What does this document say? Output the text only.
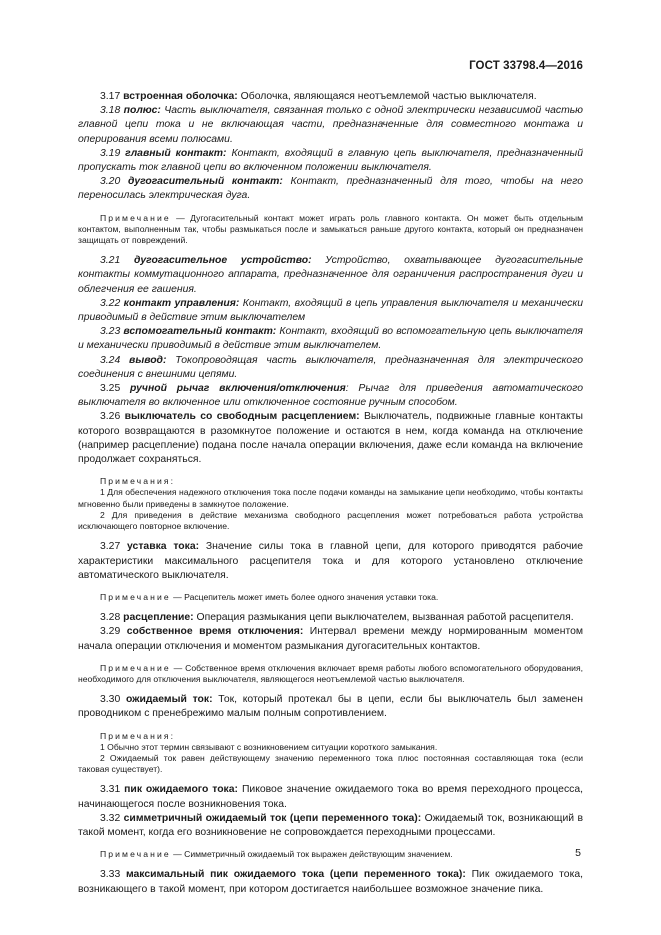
ГОСТ 33798.4—2016

3.17 встроенная оболочка: Оболочка, являющаяся неотъемлемой частью выключателя.

3.18 полюс: Часть выключателя, связанная только с одной электрически независимой частью главной цепи тока и не включающая части, предназначенные для совместного монтажа и оперирования всеми полюсами.

3.19 главный контакт: Контакт, входящий в главную цепь выключателя, предназначенный пропускать ток главной цепи во включенном положении выключателя.

3.20 дугогасительный контакт: Контакт, предназначенный для того, чтобы на него переносилась электрическая дуга.

Примечание — Дугогасительный контакт может играть роль главного контакта. Он может быть отдельным контактом, выполненным так, чтобы размыкаться после и замыкаться раньше другого контакта, который он предназначен защищать от повреждений.

3.21 дугогасительное устройство: Устройство, охватывающее дугогасительные контакты коммутационного аппарата, предназначенное для ограничения распространения дуги и облегчения ее гашения.

3.22 контакт управления: Контакт, входящий в цепь управления выключателя и механически приводимый в действие этим выключателем

3.23 вспомогательный контакт: Контакт, входящий во вспомогательную цепь выключателя и механически приводимый в действие этим выключателем.

3.24 вывод: Токопроводящая часть выключателя, предназначенная для электрического соединения с внешними цепями.

3.25 ручной рычаг включения/отключения: Рычаг для приведения автоматического выключателя во включенное или отключенное состояние ручным способом.

3.26 выключатель со свободным расцеплением: Выключатель, подвижные главные контакты которого возвращаются в разомкнутое положение и остаются в нем, когда команда на отключение (например расцепление) подана после начала операции включения, даже если команда на включение продолжает сохраняться.

Примечания:

1 Для обеспечения надежного отключения тока после подачи команды на замыкание цепи необходимо, чтобы контакты мгновенно были приведены в замкнутое положение.

2 Для приведения в действие механизма свободного расцепления может потребоваться работа устройства исключающего повторное включение.

3.27 уставка тока: Значение силы тока в главной цепи, для которого приводятся рабочие характеристики максимального расцепителя тока и для которого установлено отключение автоматического выключателя.

Примечание — Расцепитель может иметь более одного значения уставки тока.

3.28 расцепление: Операция размыкания цепи выключателем, вызванная работой расцепителя.

3.29 собственное время отключения: Интервал времени между нормированным моментом начала операции отключения и моментом размыкания дугогасительных контактов.

Примечание — Собственное время отключения включает время работы любого вспомогательного оборудования, необходимого для отключения выключателя, являющегося неотъемлемой частью выключателя.

3.30 ожидаемый ток: Ток, который протекал бы в цепи, если бы выключатель был заменен проводником с пренебрежимо малым полным сопротивлением.

Примечания:

1 Обычно этот термин связывают с возникновением ситуации короткого замыкания.

2 Ожидаемый ток равен действующему значению переменного тока плюс постоянная составляющая тока (если таковая существует).

3.31 пик ожидаемого тока: Пиковое значение ожидаемого тока во время переходного процесса, начинающегося после возникновения тока.

3.32 симметричный ожидаемый ток (цепи переменного тока): Ожидаемый ток, возникающий в такой момент, когда его возникновение не сопровождается переходными процессами.

Примечание — Симметричный ожидаемый ток выражен действующим значением.

3.33 максимальный пик ожидаемого тока (цепи переменного тока): Пик ожидаемого тока, возникающего в такой момент, при котором достигается наибольшее возможное значение пика.

5
